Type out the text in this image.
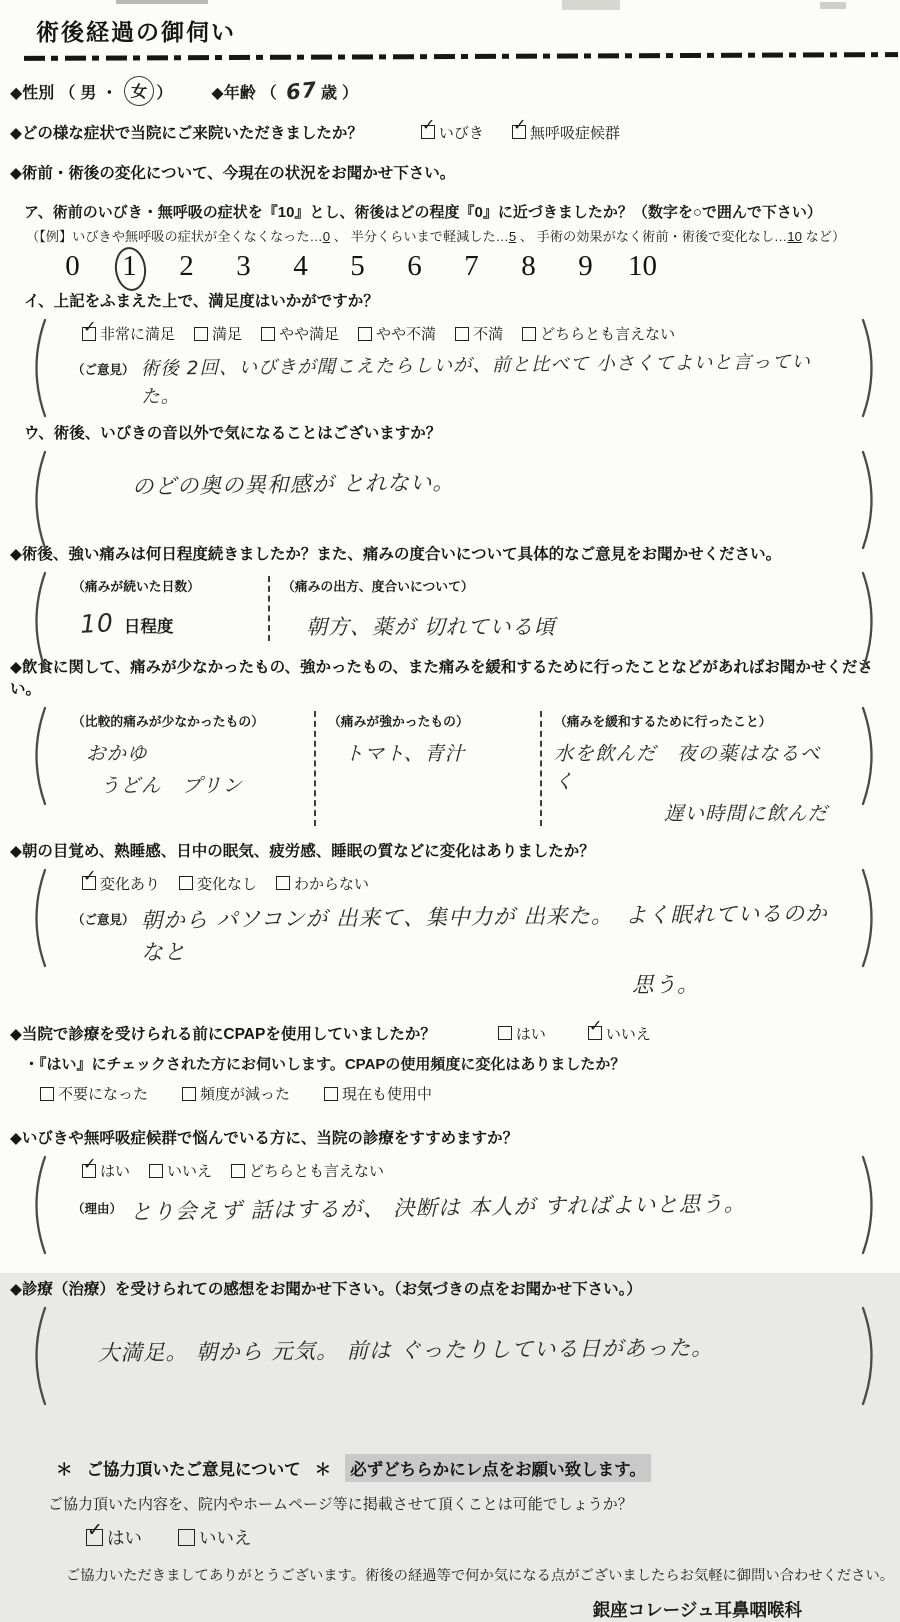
術後経過の御伺い
◆性別 （ 男 ・ 女 ） ◆年齢 （ 67 歳 ）
◆どの様な症状で当院にご来院いただきましたか？	✓ いびき ✓ 無呼吸症候群
◆術前・術後の変化について、今現在の状況をお聞かせ下さい。
ア、術前のいびき・無呼吸の症状を『10』とし、術後はどの程度『0』に近づきましたか？（数字を○で囲んで下さい）
（【例】いびきや無呼吸の症状が全くなくなった…0 、 半分くらいまで軽減した…5 、 手術の効果がなく術前・術後で変化なし…10 など）
0	1	2	3	4	5	6	7	8	9	10
イ、上記をふまえた上で、満足度はいかがですか？
✓ 非常に満足 満足 やや満足 やや不満 不満 どちらとも言えない
（ご意見） 術後 2回、いびきが聞こえたらしいが、前と比べて 小さくてよいと言っていた。
ウ、術後、いびきの音以外で気になることはございますか？
のどの奥の異和感が とれない。
◆術後、強い痛みは何日程度続きましたか？また、痛みの度合いについて具体的なご意見をお聞かせください。
（痛みが続いた日数）
10 日程度
（痛みの出方、度合いについて）
朝方、薬が 切れている頃
◆飲食に関して、痛みが少なかったもの、強かったもの、また痛みを緩和するために行ったことなどがあればお聞かせください。
（比較的痛みが少なかったもの）
おかゆ
うどん　プリン
（痛みが強かったもの）
トマト、青汁
（痛みを緩和するために行ったこと）
水を飲んだ　夜の薬はなるべく
遅い時間に飲んだ
◆朝の目覚め、熟睡感、日中の眠気、疲労感、睡眠の質などに変化はありましたか？
✓ 変化あり 変化なし わからない
（ご意見） 朝から パソコンが 出来て、集中力が 出来た。　よく眠れているのかなと
思う。
◆当院で診療を受けられる前にCPAPを使用していましたか？	はい	✓ いいえ
・『はい』にチェックされた方にお伺いします。CPAPの使用頻度に変化はありましたか？
不要になった	頻度が減った	現在も使用中
◆いびきや無呼吸症候群で悩んでいる方に、当院の診療をすすめますか？
✓ はい いいえ どちらとも言えない
（理由） とり会えず 話はするが、 決断は 本人が すればよいと思う。
◆診療（治療）を受けられての感想をお聞かせ下さい。（お気づきの点をお聞かせ下さい。）
大満足。 朝から 元気。 前は ぐったりしている日があった。
＊ ご協力頂いたご意見について ＊	必ずどちらかにレ点をお願い致します。
ご協力頂いた内容を、院内やホームページ等に掲載させて頂くことは可能でしょうか？
✓ はい	いいえ
ご協力いただきましてありがとうございます。術後の経過等で何か気になる点がございましたらお気軽に御問い合わせください。
銀座コレージュ耳鼻咽喉科
